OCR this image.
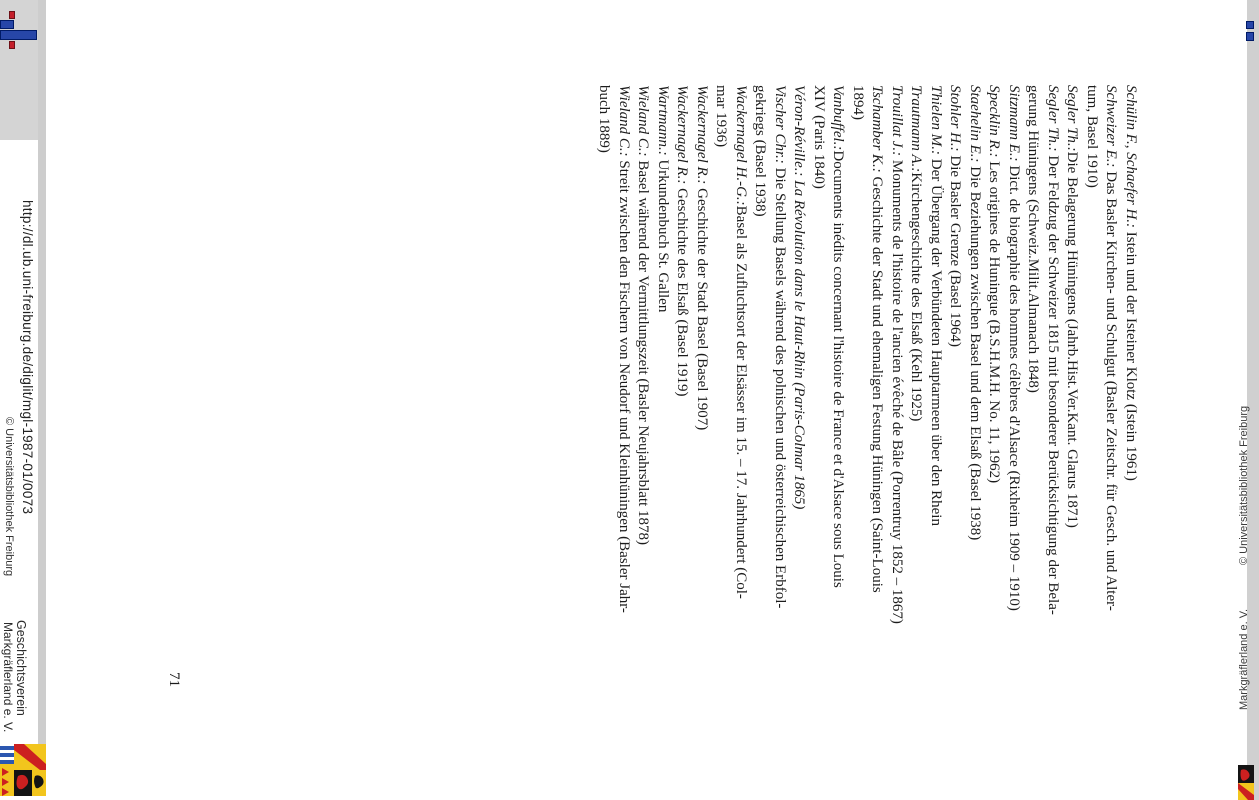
http://dl.ub.uni-freiburg.de/diglit/mgl-1987-01/0073
© Universitätsbibliothek Freiburg
Geschichtsverein
Markgräflerland e. V.
© Universitätsbibliothek Freiburg
Markgräflerland e. V.
Schülin F., Schaefer H.: Istein und der Isteiner Klotz (Istein 1961)
Schweizer E.: Das Basler Kirchen- und Schulgut (Basler Zeitschr. für Gesch. und Alter-
tum, Basel 1910)
Segler Th.:Die Belagerung Hüningens (Jahrb.Hist.Ver.Kant. Glarus 1871)
Segler Th.: Der Feldzug der Schweizer 1815 mit besonderer Berücksichtigung der Bela-
gerung Hüningens (Schweiz.Milit.Almanach 1848)
Sitzmann E.: Dict. de biographie des hommes célèbres d'Alsace (Rixheim 1909 – 1910)
Specklin R.: Les origines de Huningue (B.S.H.M.H. No. 11, 1962)
Staehelin E.: Die Beziehungen zwischen Basel und dem Elsaß (Basel 1938)
Stohler H.: Die Basler Grenze (Basel 1964)
Thielen M.: Der Übergang der Verbündeten Hauptarmeen über den Rhein
Trautmann A.:Kirchengeschichte des Elsaß (Kehl 1925)
Trouillat J.: Monuments de l'histoire de l'ancien évêché de Bâle (Porrentruy 1852 – 1867)
Tschamber K.: Geschichte der Stadt und ehemaligen Festung Hüningen (Saint-Louis
1894)
Vanbuffel.:Documents inédits concernant l'histoire de France et d'Alsace sous Louis
XIV (Paris 1840)
Véron-Réville.: La Révolution dans le Haut-Rhin (Paris-Colmar 1865)
Vischer Chr.: Die Stellung Basels während des polnischen und österreichischen Erbfol-
gekriegs (Basel 1938)
Wackernagel H.-G.:Basel als Zufluchtsort der Elsässer im 15. – 17. Jahrhundert (Col-
mar 1936)
Wackernagel R.: Geschichte der Stadt Basel (Basel 1907)
Wackernagel R.: Geschichte des Elsaß (Basel 1919)
Wartmann.: Urkundenbuch St. Gallen
Wieland C.: Basel während der Vermittlungszeit (Basler Neujahrsblatt 1878)
Wieland C.: Streit zwischen den Fischern von Neudorf und Kleinhüningen (Basler Jahr-
buch 1889)
71
